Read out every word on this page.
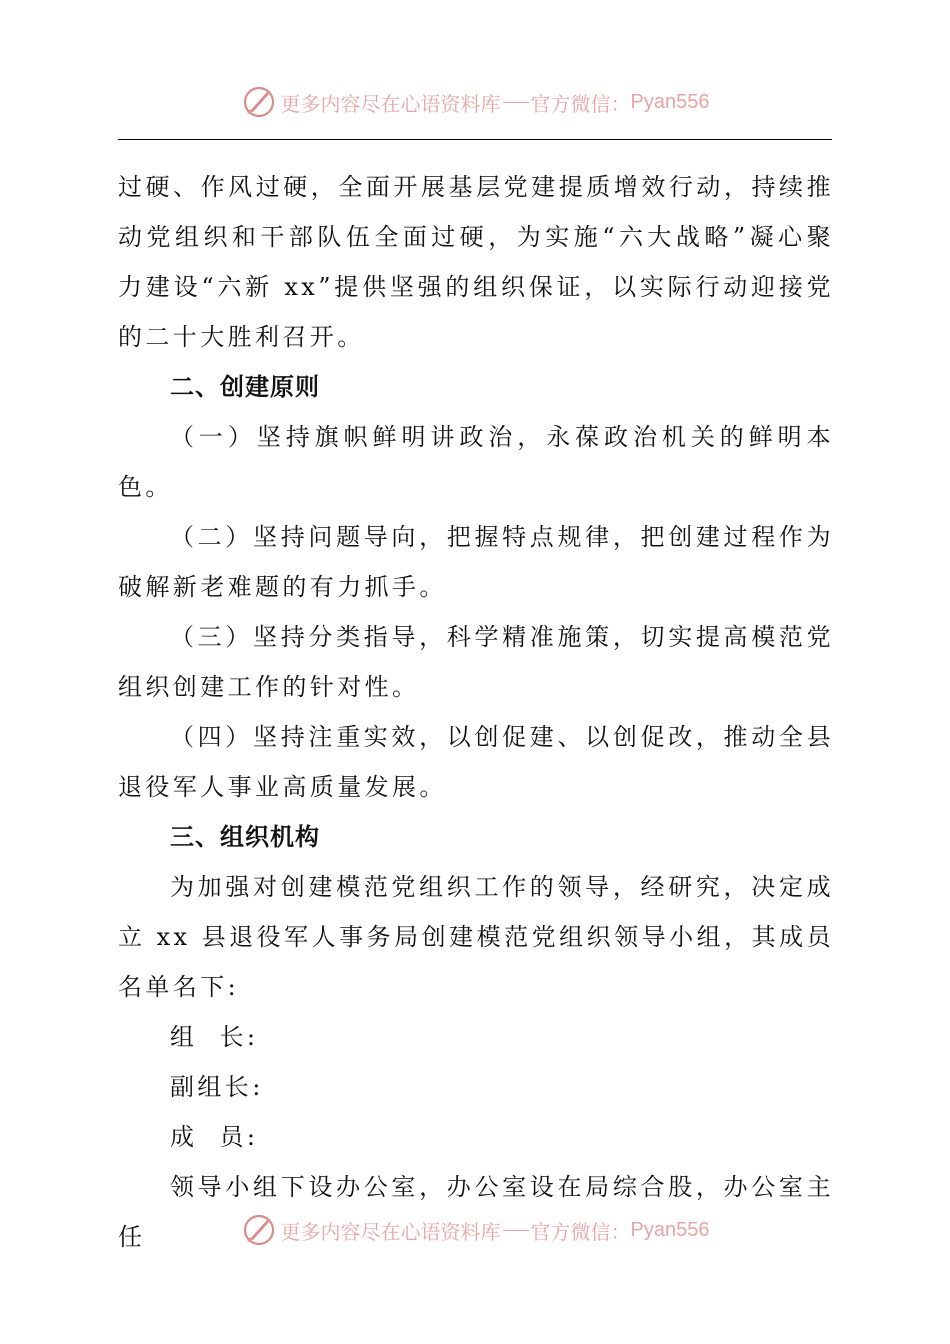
更多内容尽在心语资料库 官方微信： Pyan556

过硬、作风过硬，全面开展基层党建提质增效行动，持续推动党组织和干部队伍全面过硬，为实施“六大战略”凝心聚力建设“六新 xx”提供坚强的组织保证，以实际行动迎接党的二十大胜利召开。

二、创建原则

（一）坚持旗帜鲜明讲政治，永葆政治机关的鲜明本色。

（二）坚持问题导向，把握特点规律，把创建过程作为破解新老难题的有力抓手。

（三）坚持分类指导，科学精准施策，切实提高模范党组织创建工作的针对性。

（四）坚持注重实效，以创促建、以创促改，推动全县退役军人事业高质量发展。

三、组织机构

为加强对创建模范党组织工作的领导，经研究，决定成立 xx 县退役军人事务局创建模范党组织领导小组，其成员名单名下:

组  长:

副组长:

成  员:

领导小组下设办公室，办公室设在局综合股，办公室主任	更多内容尽在心语资料库 官方微信： Pyan556
